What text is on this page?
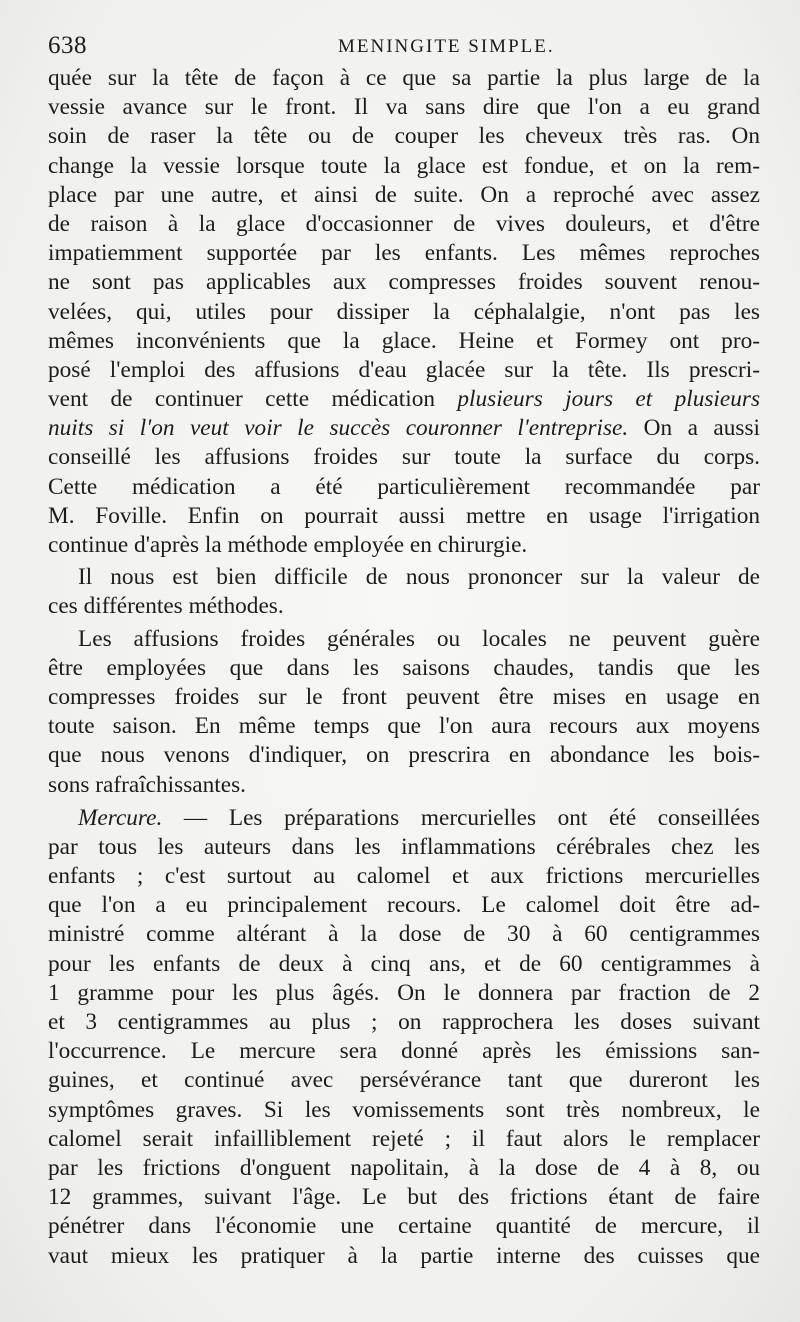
638	MENINGITE SIMPLE.
quée sur la tête de façon à ce que sa partie la plus large de la
vessie avance sur le front. Il va sans dire que l'on a eu grand
soin de raser la tête ou de couper les cheveux très ras. On
change la vessie lorsque toute la glace est fondue, et on la rem-
place par une autre, et ainsi de suite. On a reproché avec assez
de raison à la glace d'occasionner de vives douleurs, et d'être
impatiemment supportée par les enfants. Les mêmes reproches
ne sont pas applicables aux compresses froides souvent renou-
velées, qui, utiles pour dissiper la céphalalgie, n'ont pas les
mêmes inconvénients que la glace. Heine et Formey ont pro-
posé l'emploi des affusions d'eau glacée sur la tête. Ils prescri-
vent de continuer cette médication plusieurs jours et plusieurs
nuits si l'on veut voir le succès couronner l'entreprise. On a aussi
conseillé les affusions froides sur toute la surface du corps.
Cette médication a été particulièrement recommandée par
M. Foville. Enfin on pourrait aussi mettre en usage l'irrigation
continue d'après la méthode employée en chirurgie.
Il nous est bien difficile de nous prononcer sur la valeur de
ces différentes méthodes.
Les affusions froides générales ou locales ne peuvent guère
être employées que dans les saisons chaudes, tandis que les
compresses froides sur le front peuvent être mises en usage en
toute saison. En même temps que l'on aura recours aux moyens
que nous venons d'indiquer, on prescrira en abondance les bois-
sons rafraîchissantes.
Mercure. — Les préparations mercurielles ont été conseillées
par tous les auteurs dans les inflammations cérébrales chez les
enfants ; c'est surtout au calomel et aux frictions mercurielles
que l'on a eu principalement recours. Le calomel doit être ad-
ministré comme altérant à la dose de 30 à 60 centigrammes
pour les enfants de deux à cinq ans, et de 60 centigrammes à
1 gramme pour les plus âgés. On le donnera par fraction de 2
et 3 centigrammes au plus ; on rapprochera les doses suivant
l'occurrence. Le mercure sera donné après les émissions san-
guines, et continué avec persévérance tant que dureront les
symptômes graves. Si les vomissements sont très nombreux, le
calomel serait infailliblement rejeté ; il faut alors le remplacer
par les frictions d'onguent napolitain, à la dose de 4 à 8, ou
12 grammes, suivant l'âge. Le but des frictions étant de faire
pénétrer dans l'économie une certaine quantité de mercure, il
vaut mieux les pratiquer à la partie interne des cuisses que
